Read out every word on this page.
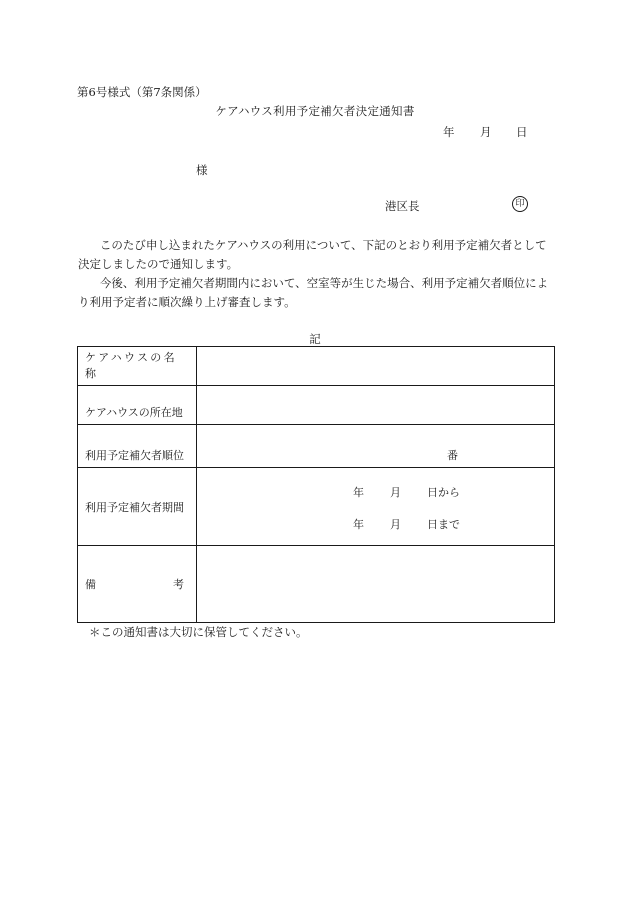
第6号様式（第7条関係）
ケアハウス利用予定補欠者決定通知書
年	月	日
様
港区長	印

このたび申し込まれたケアハウスの利用について、下記のとおり利用予定補欠者として決定しましたので通知します。

今後、利用予定補欠者期間内において、空室等が生じた場合、利用予定補欠者順位により利用予定者に順次繰り上げ審査します。

記
ケアハウスの名称	
ケアハウスの所在地	
利用予定補欠者順位	番
利用予定補欠者期間	年 月 日から
年 月 日まで

備 考	

＊この通知書は大切に保管してください。
